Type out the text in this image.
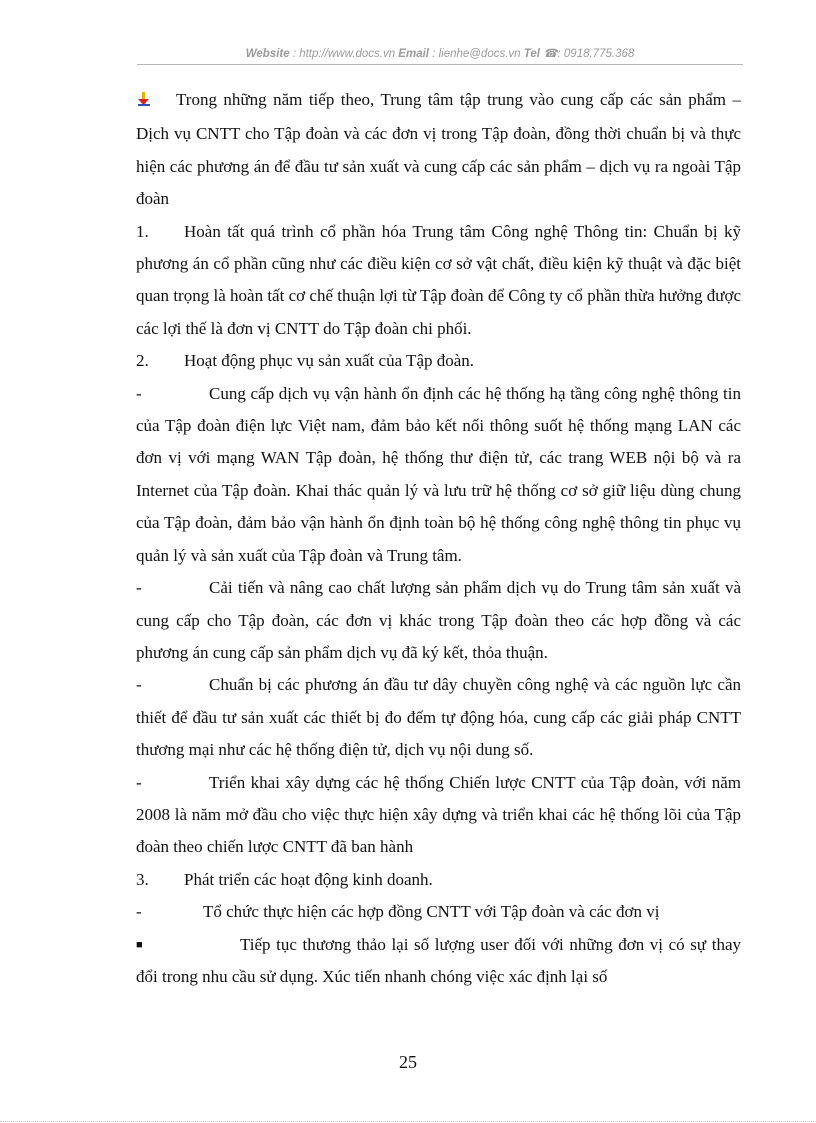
Website : http://www.docs.vn Email : lienhe@docs.vn Tel ☎: 0918.775.368

Trong những năm tiếp theo, Trung tâm tập trung vào cung cấp các sản phẩm – Dịch vụ CNTT cho Tập đoàn và các đơn vị trong Tập đoàn, đồng thời chuẩn bị và thực hiện các phương án để đầu tư sản xuất và cung cấp các sản phẩm – dịch vụ ra ngoài Tập đoàn

1. Hoàn tất quá trình cổ phần hóa Trung tâm Công nghệ Thông tin: Chuẩn bị kỹ phương án cổ phần cũng như các điều kiện cơ sở vật chất, điều kiện kỹ thuật và đặc biệt quan trọng là hoàn tất cơ chế thuận lợi từ Tập đoàn để Công ty cổ phần thừa hưởng được các lợi thế là đơn vị CNTT do Tập đoàn chi phối.

2. Hoạt động phục vụ sản xuất của Tập đoàn.

-	Cung cấp dịch vụ vận hành ổn định các hệ thống hạ tầng công nghệ thông tin của Tập đoàn điện lực Việt nam, đảm bảo kết nối thông suốt hệ thống mạng LAN các đơn vị với mạng WAN Tập đoàn, hệ thống thư điện tử, các trang WEB nội bộ và ra Internet của Tập đoàn. Khai thác quản lý và lưu trữ hệ thống cơ sở giữ liệu dùng chung của Tập đoàn, đảm bảo vận hành ổn định toàn bộ hệ thống công nghệ thông tin phục vụ quản lý và sản xuất của Tập đoàn và Trung tâm.

-	Cải tiến và nâng cao chất lượng sản phẩm dịch vụ do Trung tâm sản xuất và cung cấp cho Tập đoàn, các đơn vị khác trong Tập đoàn theo các hợp đồng và các phương án cung cấp sản phẩm dịch vụ đã ký kết, thỏa thuận.

-	Chuẩn bị các phương án đầu tư dây chuyền công nghệ và các nguồn lực cần thiết để đầu tư sản xuất các thiết bị đo đếm tự động hóa, cung cấp các giải pháp CNTT thương mại như các hệ thống điện tử, dịch vụ nội dung số.

-	Triển khai xây dựng các hệ thống Chiến lược CNTT của Tập đoàn, với năm 2008 là năm mở đầu cho việc thực hiện xây dựng và triển khai các hệ thống lõi của Tập đoàn theo chiến lược CNTT đã ban hành

3. Phát triển các hoạt động kinh doanh.

-	Tổ chức thực hiện các hợp đồng CNTT với Tập đoàn và các đơn vị

■	Tiếp tục thương thảo lại số lượng user đối với những đơn vị có sự thay đổi trong nhu cầu sử dụng. Xúc tiến nhanh chóng việc xác định lại số

25
